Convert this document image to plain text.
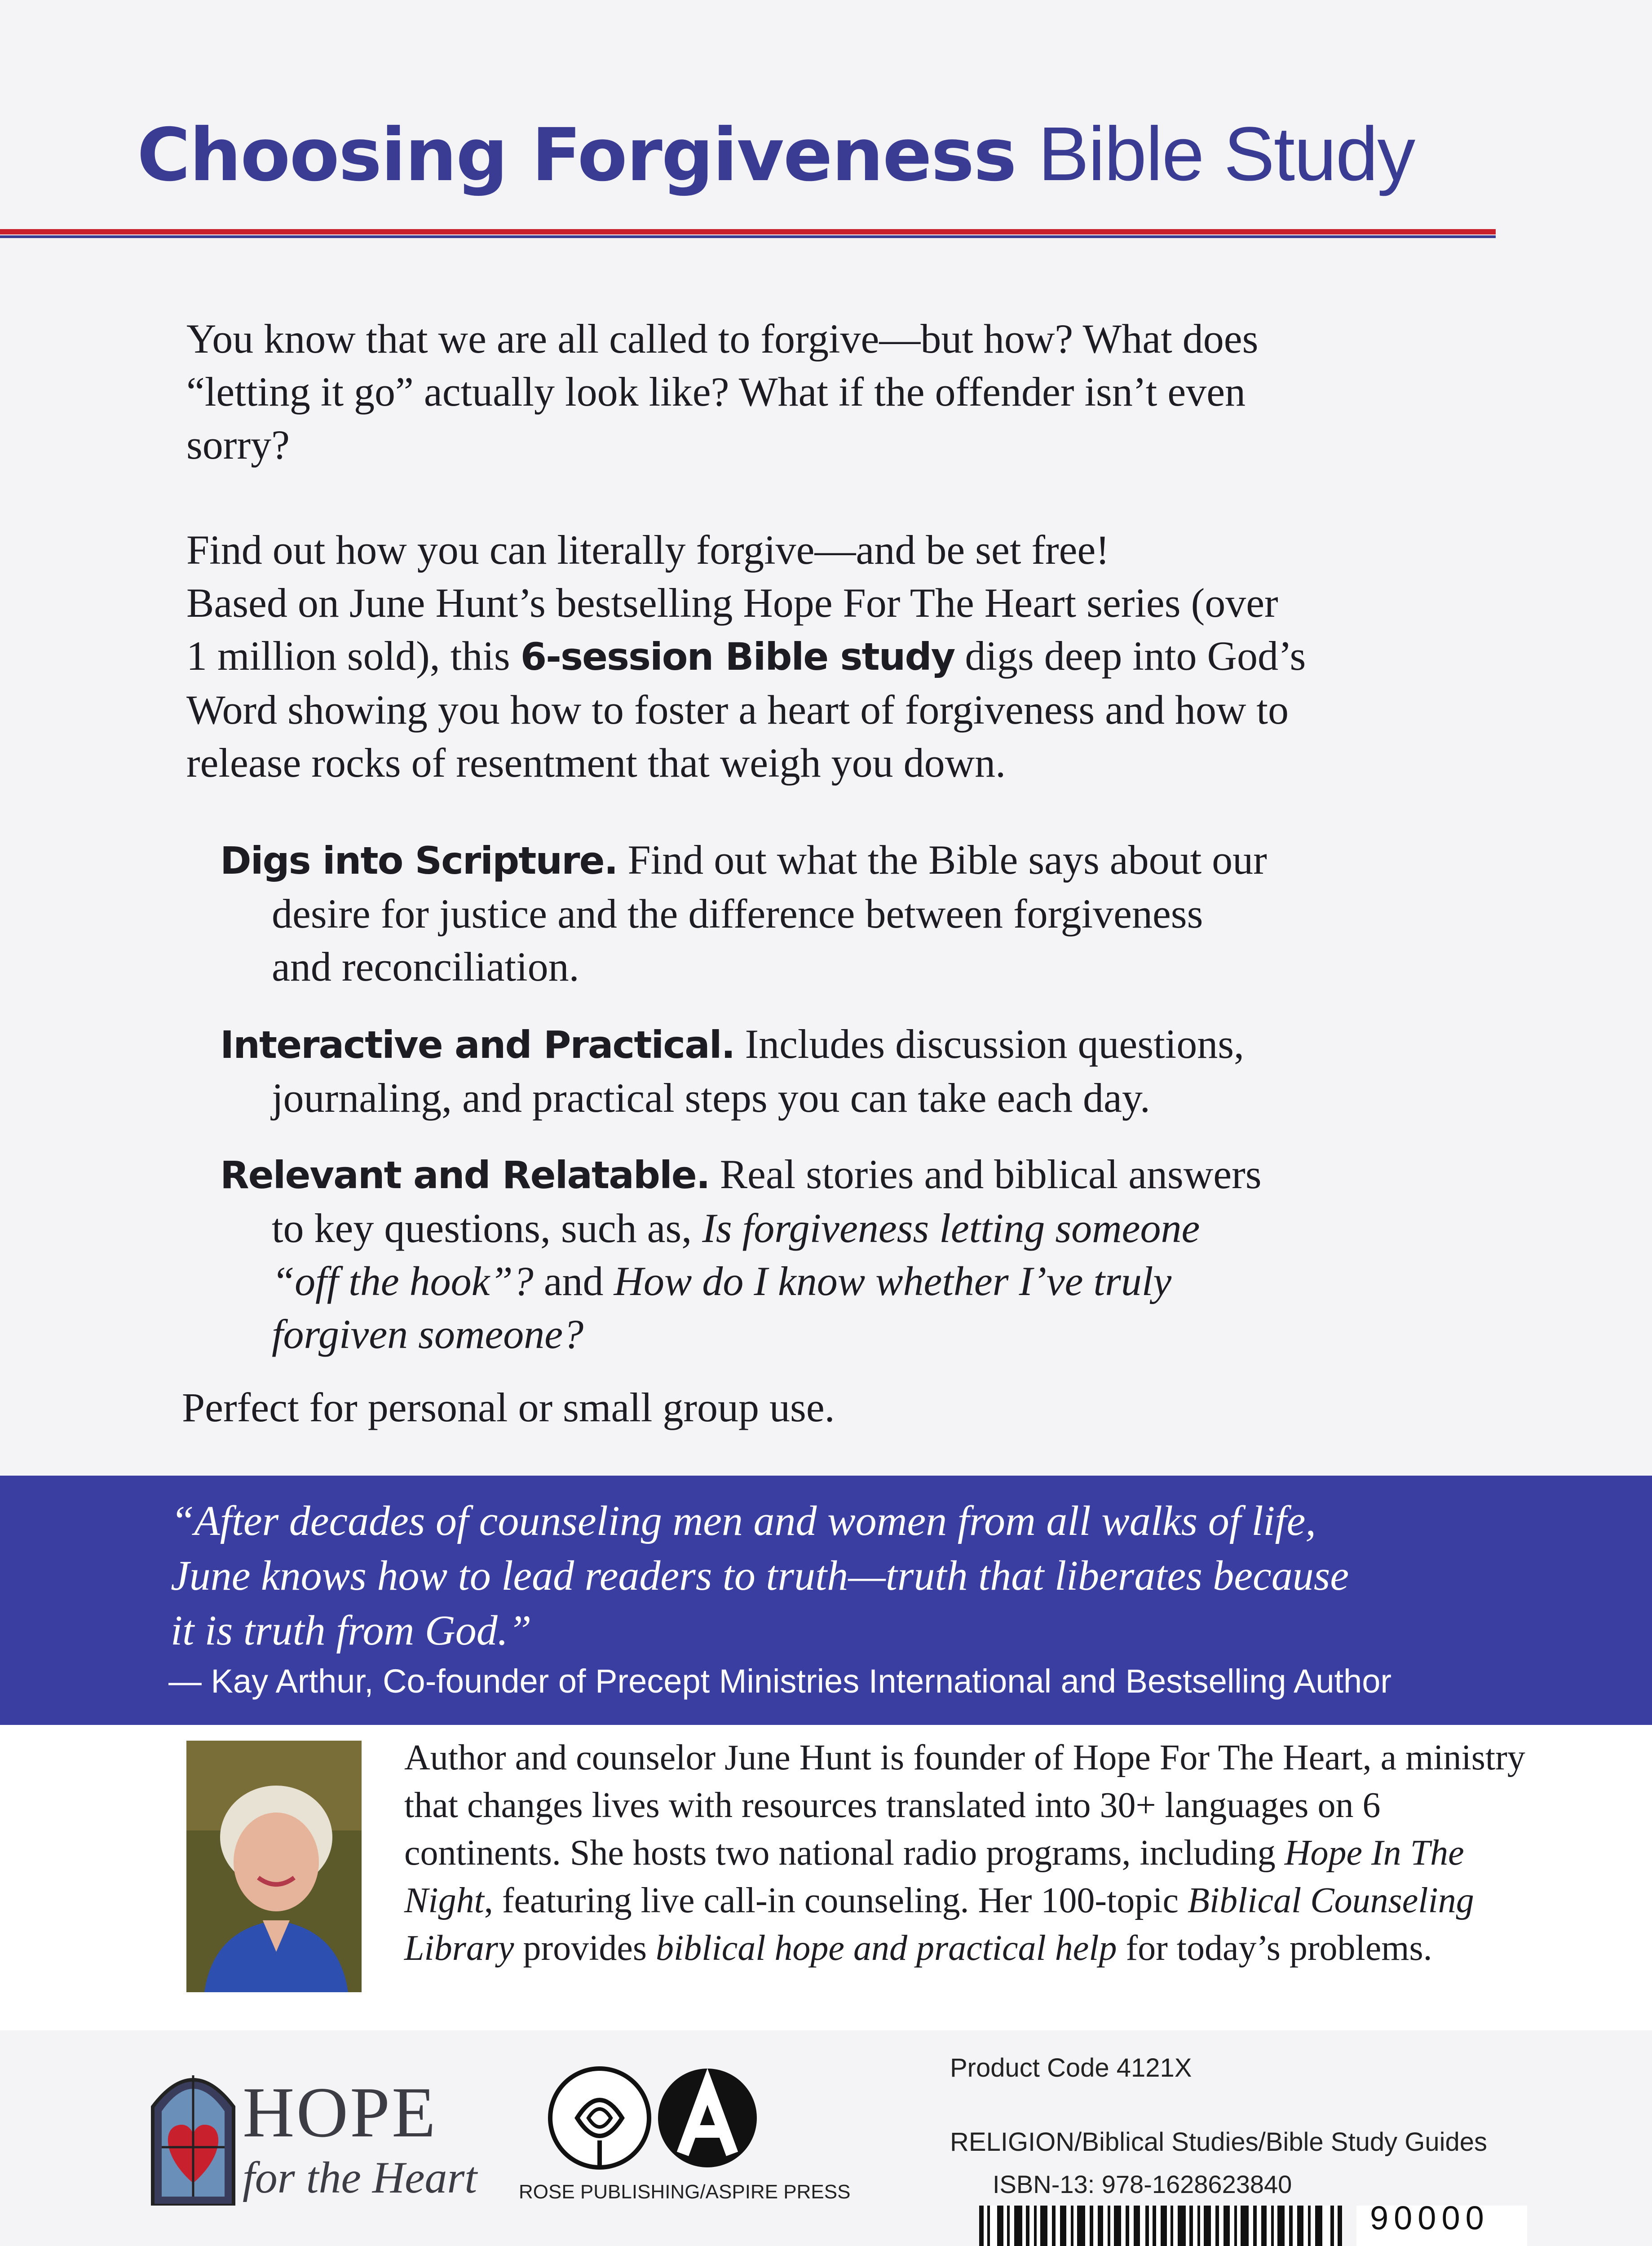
Choosing Forgiveness Bible Study
You know that we are all called to forgive—but how? What does
“letting it go” actually look like? What if the offender isn’t even
sorry?
Find out how you can literally forgive—and be set free!
Based on June Hunt’s bestselling Hope For The Heart series (over
1 million sold), this 6-session Bible study digs deep into God’s
Word showing you how to foster a heart of forgiveness and how to
release rocks of resentment that weigh you down.
Digs into Scripture. Find out what the Bible says about our
desire for justice and the difference between forgiveness
and reconciliation.
Interactive and Practical. Includes discussion questions,
journaling, and practical steps you can take each day.
Relevant and Relatable. Real stories and biblical answers
to key questions, such as, Is forgiveness letting someone
“off the hook”? and How do I know whether I’ve truly
forgiven someone?
Perfect for personal or small group use.
“After decades of counseling men and women from all walks of life,
June knows how to lead readers to truth—truth that liberates because
it is truth from God.”
— Kay Arthur, Co-founder of Precept Ministries International and Bestselling Author
Author and counselor June Hunt is founder of Hope For The Heart, a ministry that changes lives with resources translated into 30+ languages on 6 continents. She hosts two national radio programs, including Hope In The Night, featuring live call-in counseling. Her 100-topic Biblical Counseling Library provides biblical hope and practical help for today’s problems.
HOPE
for the Heart ROSE PUBLISHING/ASPIRE PRESS
Product Code 4121X
RELIGION/Biblical Studies/Bible Study Guides
ISBN-13: 978-1628623840
90000
